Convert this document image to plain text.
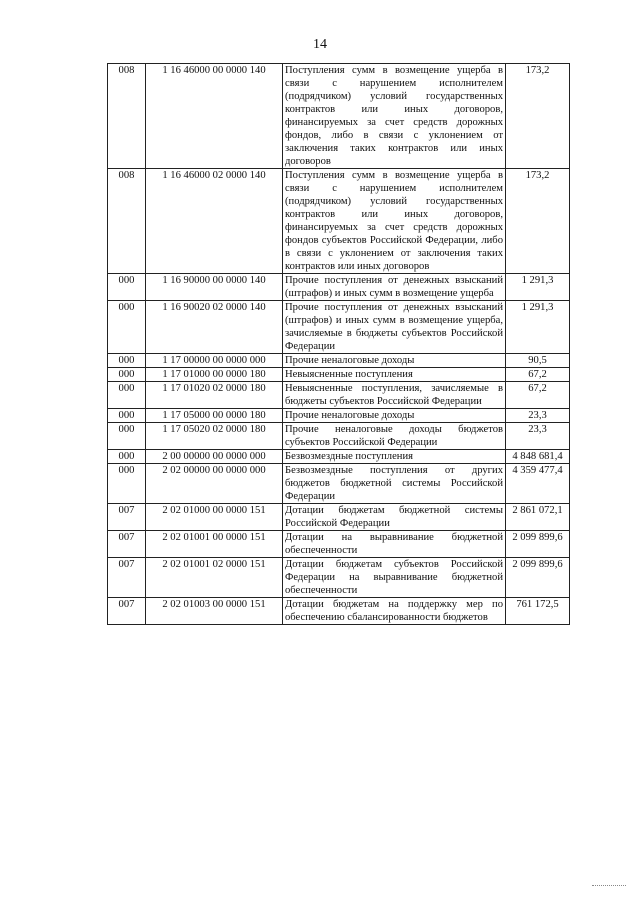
14
008	1 16 46000 00 0000 140	Поступления сумм в возмещение ущерба в связи с нарушением исполнителем (подрядчиком) условий государственных контрактов или иных договоров, финансируемых за счет средств дорожных фондов, либо в связи с уклонением от заключения таких контрактов или иных договоров	173,2
008	1 16 46000 02 0000 140	Поступления сумм в возмещение ущерба в связи с нарушением исполнителем (подрядчиком) условий государственных контрактов или иных договоров, финансируемых за счет средств дорожных фондов субъектов Российской Федерации, либо в связи с уклонением от заключения таких контрактов или иных договоров	173,2
000	1 16 90000 00 0000 140	Прочие поступления от денежных взысканий (штрафов) и иных сумм в возмещение ущерба	1 291,3
000	1 16 90020 02 0000 140	Прочие поступления от денежных взысканий (штрафов) и иных сумм в возмещение ущерба, зачисляемые в бюджеты субъектов Российской Федерации	1 291,3
000	1 17 00000 00 0000 000	Прочие неналоговые доходы	90,5
000	1 17 01000 00 0000 180	Невыясненные поступления	67,2
000	1 17 01020 02 0000 180	Невыясненные поступления, зачисляемые в бюджеты субъектов Российской Федерации	67,2
000	1 17 05000 00 0000 180	Прочие неналоговые доходы	23,3
000	1 17 05020 02 0000 180	Прочие неналоговые доходы бюджетов субъектов Российской Федерации	23,3
000	2 00 00000 00 0000 000	Безвозмездные поступления	4 848 681,4
000	2 02 00000 00 0000 000	Безвозмездные поступления от других бюджетов бюджетной системы Российской Федерации	4 359 477,4
007	2 02 01000 00 0000 151	Дотации бюджетам бюджетной системы Российской Федерации	2 861 072,1
007	2 02 01001 00 0000 151	Дотации на выравнивание бюджетной обеспеченности	2 099 899,6
007	2 02 01001 02 0000 151	Дотации бюджетам субъектов Российской Федерации на выравнивание бюджетной обеспеченности	2 099 899,6
007	2 02 01003 00 0000 151	Дотации бюджетам на поддержку мер по обеспечению сбалансированности бюджетов	761 172,5
